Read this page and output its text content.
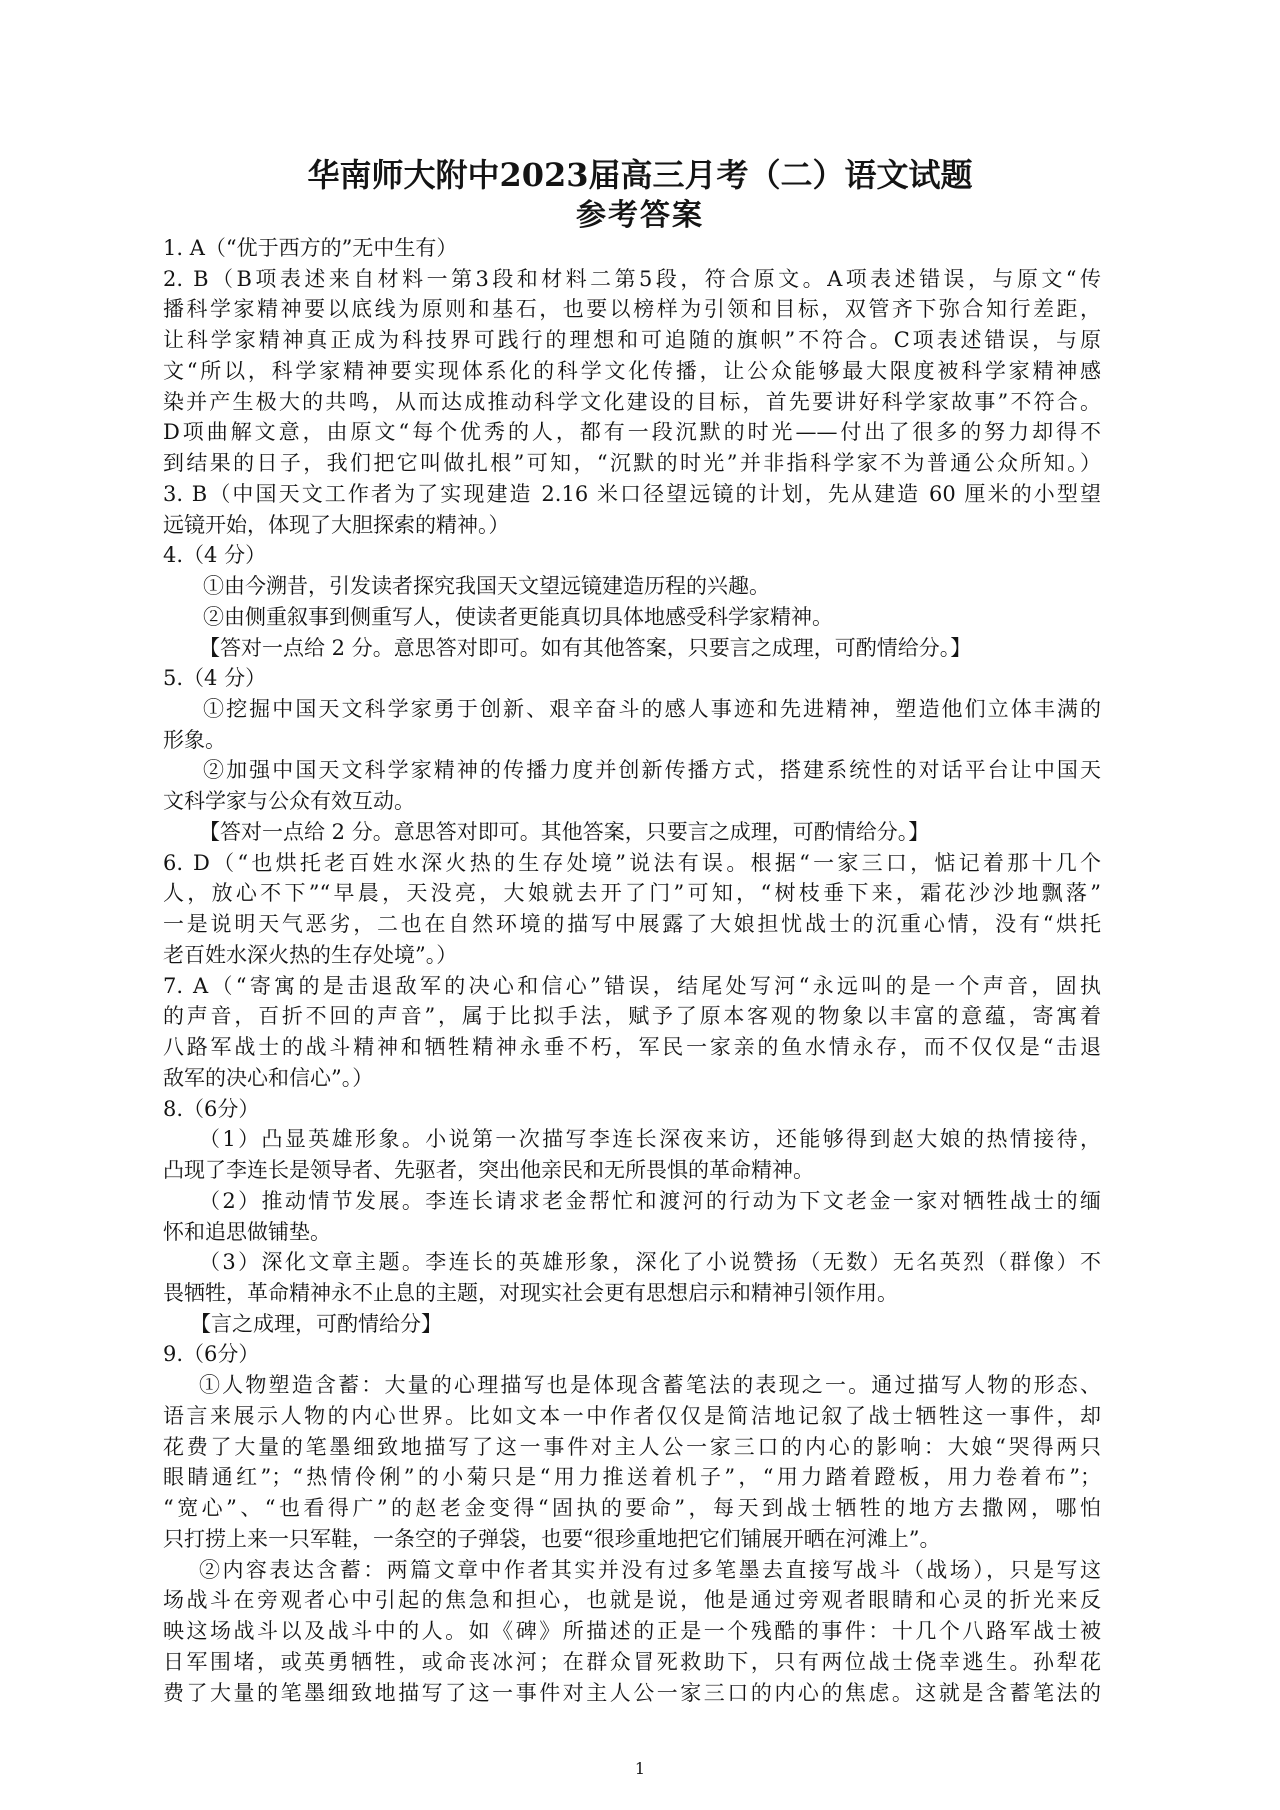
华南师大附中2023届高三月考（二）语文试题
参考答案
1. A（“优于西方的”无中生有）
2. B（B项表述来自材料一第3段和材料二第5段，符合原文。A项表述错误，与原文“传
播科学家精神要以底线为原则和基石，也要以榜样为引领和目标，双管齐下弥合知行差距，
让科学家精神真正成为科技界可践行的理想和可追随的旗帜”不符合。C项表述错误，与原
文“所以，科学家精神要实现体系化的科学文化传播，让公众能够最大限度被科学家精神感
染并产生极大的共鸣，从而达成推动科学文化建设的目标，首先要讲好科学家故事”不符合。
D项曲解文意，由原文“每个优秀的人，都有一段沉默的时光——付出了很多的努力却得不
到结果的日子，我们把它叫做扎根”可知，“沉默的时光”并非指科学家不为普通公众所知。）
3. B（中国天文工作者为了实现建造 2.16 米口径望远镜的计划，先从建造 60 厘米的小型望
远镜开始，体现了大胆探索的精神。）
4.（4 分）
①由今溯昔，引发读者探究我国天文望远镜建造历程的兴趣。
②由侧重叙事到侧重写人，使读者更能真切具体地感受科学家精神。
【答对一点给 2 分。意思答对即可。如有其他答案，只要言之成理，可酌情给分。】
5.（4 分）
①挖掘中国天文科学家勇于创新、艰辛奋斗的感人事迹和先进精神，塑造他们立体丰满的
形象。
②加强中国天文科学家精神的传播力度并创新传播方式，搭建系统性的对话平台让中国天
文科学家与公众有效互动。
【答对一点给 2 分。意思答对即可。其他答案，只要言之成理，可酌情给分。】
6. D（“也烘托老百姓水深火热的生存处境”说法有误。根据“一家三口，惦记着那十几个
人，放心不下”“早晨，天没亮，大娘就去开了门”可知，“树枝垂下来，霜花沙沙地飘落”
一是说明天气恶劣，二也在自然环境的描写中展露了大娘担忧战士的沉重心情，没有“烘托
老百姓水深火热的生存处境”。）
7. A（“寄寓的是击退敌军的决心和信心”错误，结尾处写河“永远叫的是一个声音，固执
的声音，百折不回的声音”，属于比拟手法，赋予了原本客观的物象以丰富的意蕴，寄寓着
八路军战士的战斗精神和牺牲精神永垂不朽，军民一家亲的鱼水情永存，而不仅仅是“击退
敌军的决心和信心”。）
8.（6分）
（1）凸显英雄形象。小说第一次描写李连长深夜来访，还能够得到赵大娘的热情接待，
凸现了李连长是领导者、先驱者，突出他亲民和无所畏惧的革命精神。
（2）推动情节发展。李连长请求老金帮忙和渡河的行动为下文老金一家对牺牲战士的缅
怀和追思做铺垫。
（3）深化文章主题。李连长的英雄形象，深化了小说赞扬（无数）无名英烈（群像）不
畏牺牲，革命精神永不止息的主题，对现实社会更有思想启示和精神引领作用。
【言之成理，可酌情给分】
9.（6分）
①人物塑造含蓄：大量的心理描写也是体现含蓄笔法的表现之一。通过描写人物的形态、
语言来展示人物的内心世界。比如文本一中作者仅仅是简洁地记叙了战士牺牲这一事件，却
花费了大量的笔墨细致地描写了这一事件对主人公一家三口的内心的影响：大娘“哭得两只
眼睛通红”；“热情伶俐”的小菊只是“用力推送着机子”，“用力踏着蹬板，用力卷着布”；
“宽心”、“也看得广”的赵老金变得“固执的要命”，每天到战士牺牲的地方去撒网，哪怕
只打捞上来一只军鞋，一条空的子弹袋，也要“很珍重地把它们铺展开晒在河滩上”。
②内容表达含蓄：两篇文章中作者其实并没有过多笔墨去直接写战斗（战场），只是写这
场战斗在旁观者心中引起的焦急和担心，也就是说，他是通过旁观者眼睛和心灵的折光来反
映这场战斗以及战斗中的人。如《碑》所描述的正是一个残酷的事件：十几个八路军战士被
日军围堵，或英勇牺牲，或命丧冰河；在群众冒死救助下，只有两位战士侥幸逃生。孙犁花
费了大量的笔墨细致地描写了这一事件对主人公一家三口的内心的焦虑。这就是含蓄笔法的
1
